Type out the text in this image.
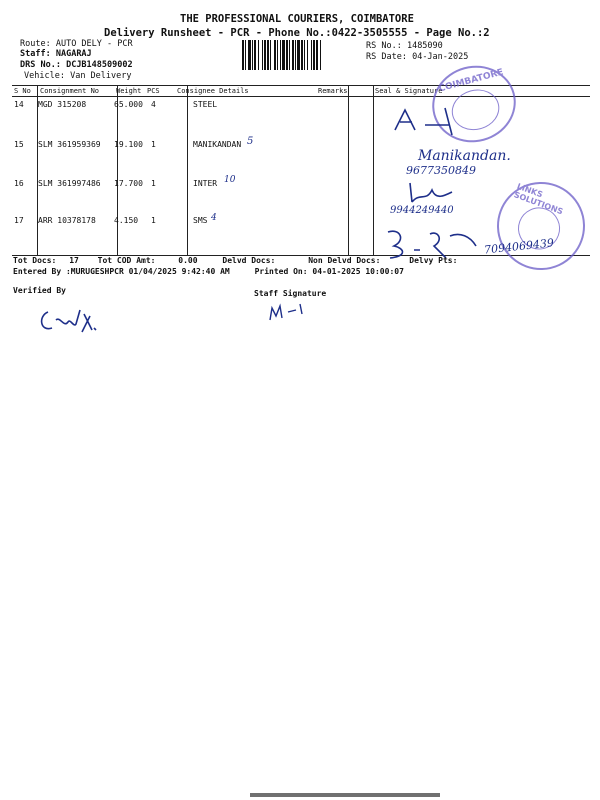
THE PROFESSIONAL COURIERS, COIMBATORE
Delivery Runsheet - PCR - Phone No.:0422-3505555 - Page No.:2
Route: AUTO DELY - PCR
Staff: NAGARAJ
DRS No.: DCJB148509002
Vehicle: Van Delivery
RS No.: 1485090
RS Date: 04-Jan-2025
S No Consignment No Weight PCS Consignee Details	Remarks	Seal & Signature
14 MGD 315208	65.000 4	STEEL
15 SLM 361959369 19.100 1	MANIKANDAN
16 SLM 361997486 17.700 1	INTER
17 ARR 10378178 4.150 1	SMS
5
10
4
COIMBATORE
LINKS SOLUTIONS
Manikandan.
9677350849
9944249440
7094069439
Tot Docs: 17 Tot COD Amt:	0.00	Delvd Docs:	Non Delvd Docs:	Delvy Pts:
Entered By :MURUGESHPCR 01/04/2025 9:42:40 AM	Printed On: 04-01-2025 10:00:07
Verified By	Staff Signature
